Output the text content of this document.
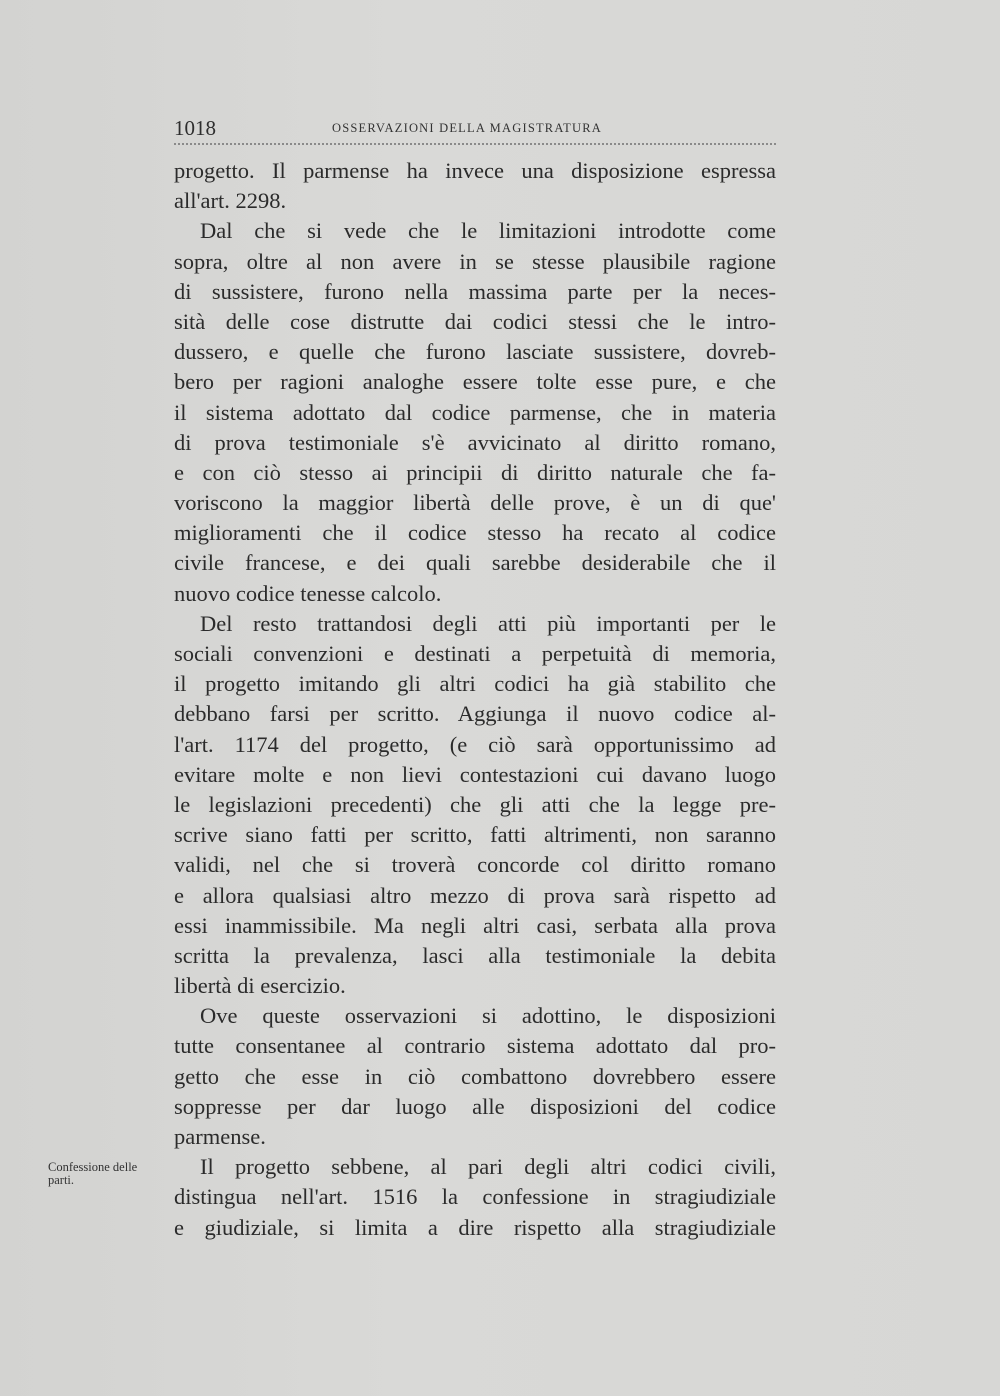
1018	OSSERVAZIONI DELLA MAGISTRATURA
progetto. Il parmense ha invece una disposizione espressa
all'art. 2298.
Dal che si vede che le limitazioni introdotte come
sopra, oltre al non avere in se stesse plausibile ragione
di sussistere, furono nella massima parte per la neces-
sità delle cose distrutte dai codici stessi che le intro-
dussero, e quelle che furono lasciate sussistere, dovreb-
bero per ragioni analoghe essere tolte esse pure, e che
il sistema adottato dal codice parmense, che in materia
di prova testimoniale s'è avvicinato al diritto romano,
e con ciò stesso ai principii di diritto naturale che fa-
voriscono la maggior libertà delle prove, è un di que'
miglioramenti che il codice stesso ha recato al codice
civile francese, e dei quali sarebbe desiderabile che il
nuovo codice tenesse calcolo.
Del resto trattandosi degli atti più importanti per le
sociali convenzioni e destinati a perpetuità di memoria,
il progetto imitando gli altri codici ha già stabilito che
debbano farsi per scritto. Aggiunga il nuovo codice al-
l'art. 1174 del progetto, (e ciò sarà opportunissimo ad
evitare molte e non lievi contestazioni cui davano luogo
le legislazioni precedenti) che gli atti che la legge pre-
scrive siano fatti per scritto, fatti altrimenti, non saranno
validi, nel che si troverà concorde col diritto romano
e allora qualsiasi altro mezzo di prova sarà rispetto ad
essi inammissibile. Ma negli altri casi, serbata alla prova
scritta la prevalenza, lasci alla testimoniale la debita
libertà di esercizio.
Ove queste osservazioni si adottino, le disposizioni
tutte consentanee al contrario sistema adottato dal pro-
getto che esse in ciò combattono dovrebbero essere
soppresse per dar luogo alle disposizioni del codice
parmense.
Il progetto sebbene, al pari degli altri codici civili,
distingua nell'art. 1516 la confessione in stragiudiziale
e giudiziale, si limita a dire rispetto alla stragiudiziale
Confessione delle
parti.
